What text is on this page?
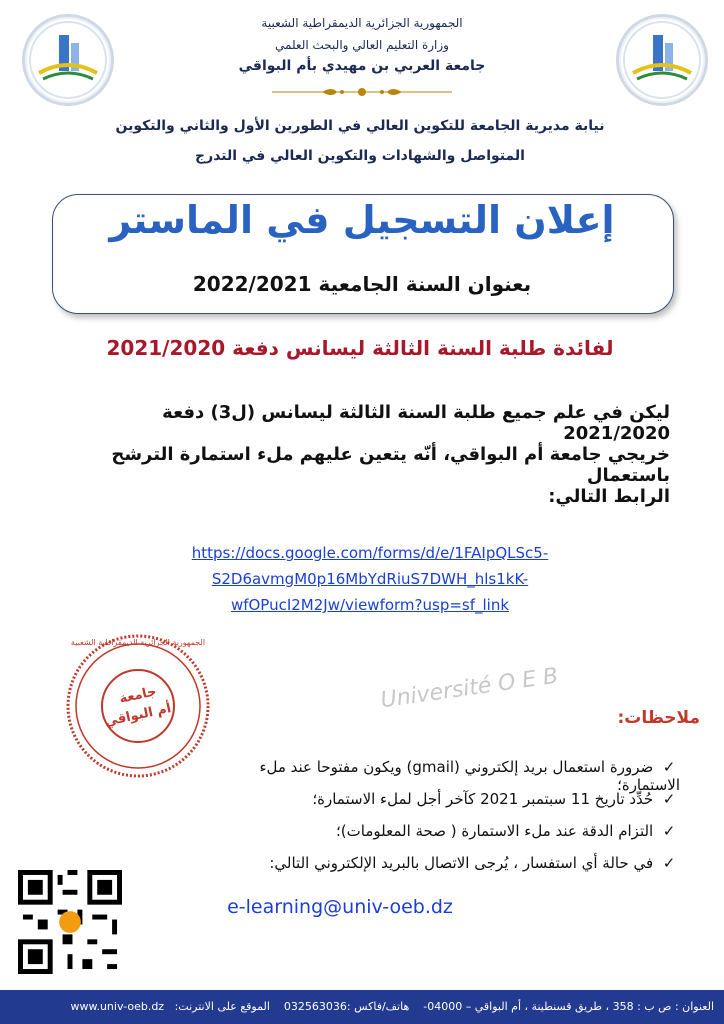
الجمهورية الجزائرية الديمقراطية الشعبية
وزارة التعليم العالي والبحث العلمي
جامعة العربي بن مهيدي بأم البواقي
نيابة مديرية الجامعة للتكوين العالي في الطورين الأول والثاني والتكوين
المتواصل والشهادات والتكوين العالي في التدرج
إعلان التسجيل في الماستر
بعنوان السنة الجامعية 2022/2021
لفائدة طلبة السنة الثالثة ليسانس دفعة 2021/2020
ليكن في علم جميع طلبة السنة الثالثة ليسانس (ل3) دفعة 2021/2020
خريجي جامعة أم البواقي، أنّه يتعين عليهم ملء استمارة الترشح باستعمال
الرابط التالي:
https://docs.google.com/forms/d/e/1FAIpQLSc5-
S2D6avmgM0p16MbYdRiuS7DWH_hls1kK-
wfOPucI2M2Jw/viewform?usp=sf_link
Université O E B
جامعة
أم البواقي
الجمهورية الجزائرية الديمقراطية الشعبية
ملاحظات:
✓ ضرورة استعمال بريد إلكتروني (gmail) ويكون مفتوحا عند ملء الاستمارة؛
✓ حُدِّد تاريخ 11 سبتمبر 2021 كآخر أجل لملء الاستمارة؛
✓ التزام الدقة عند ملء الاستمارة ( صحة المعلومات)؛
✓ في حالة أي استفسار ، يُرجى الاتصال بالبريد الإلكتروني التالي:
e-learning@univ-oeb.dz
العنوان : ص ب : 358 ، طريق قسنطينة ، أم البواقي – 04000-    هاتف/فاكس :032563036    الموقع على الانترنت:   www.univ-oeb.dz
